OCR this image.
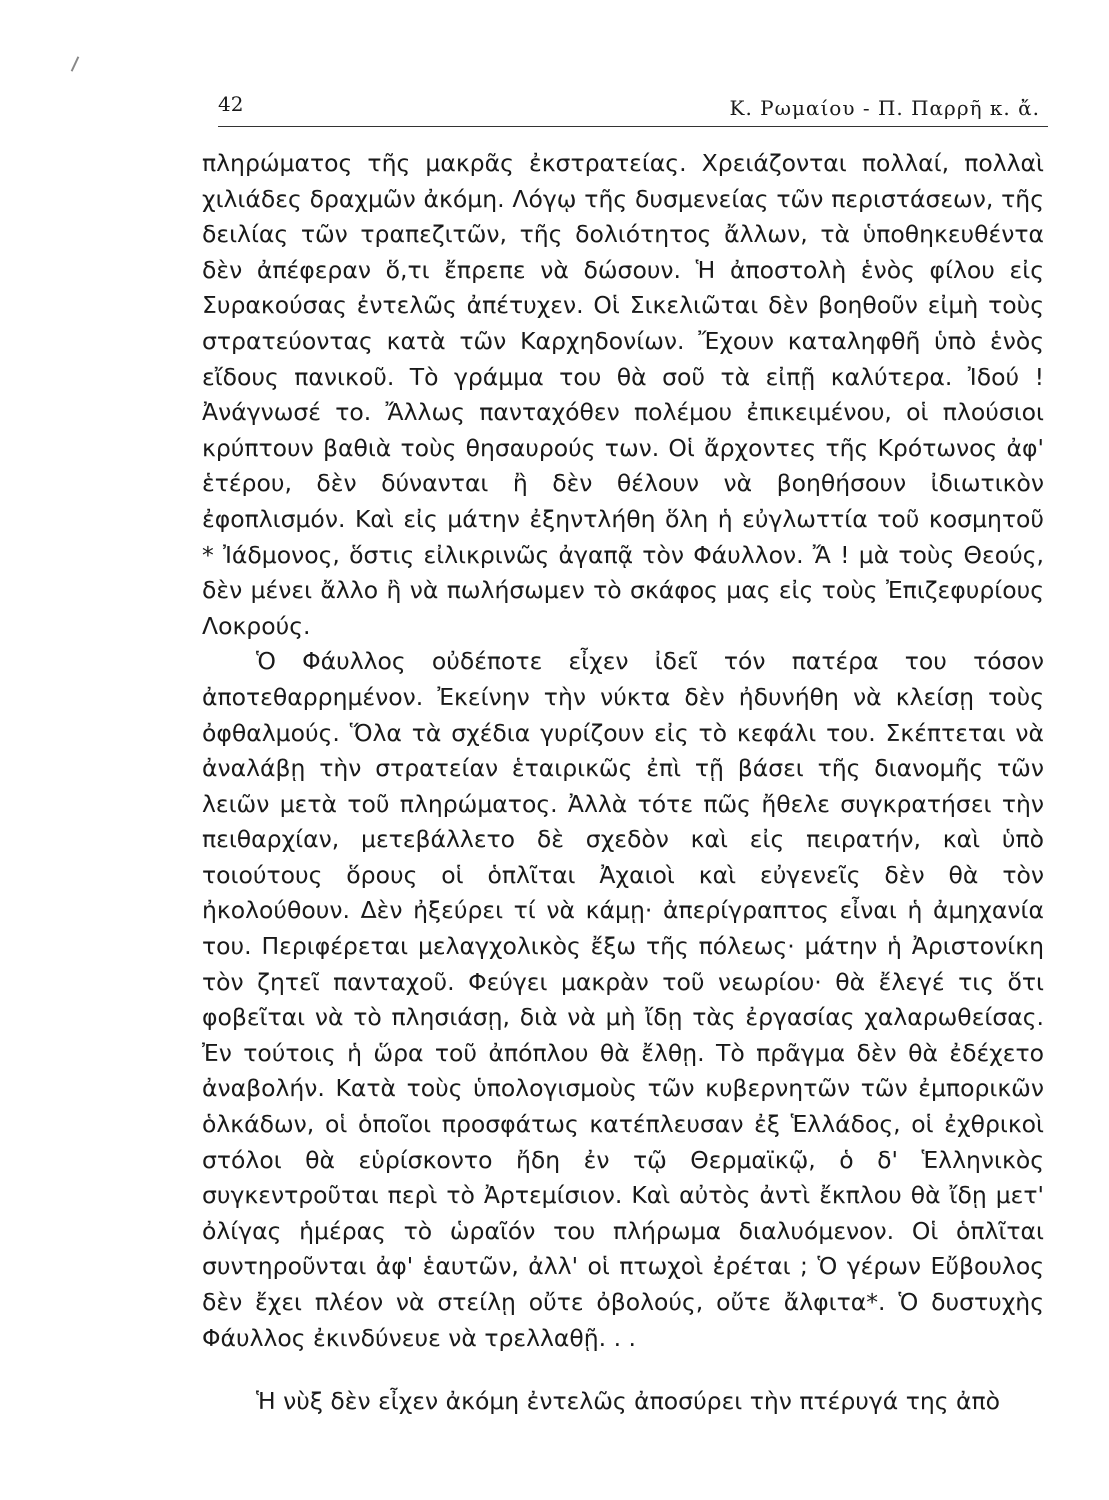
42	Κ. Ρωμαίου - Π. Παρρῆ κ. ἄ.

πληρώματος τῆς μακρᾶς ἐκστρατείας. Χρειάζονται πολλαί, πολλαὶ χιλιάδες δραχμῶν ἀκόμη. Λόγῳ τῆς δυσμενείας τῶν περιστάσεων, τῆς δειλίας τῶν τραπεζιτῶν, τῆς δολιότητος ἄλλων, τὰ ὑποθηκευθέντα δὲν ἀπέφεραν ὅ,τι ἔπρεπε νὰ δώσουν. Ἡ ἀποστολὴ ἑνὸς φίλου εἰς Συρακούσας ἐντελῶς ἀπέτυχεν. Οἱ Σικελιῶται δὲν βοηθοῦν εἰμὴ τοὺς στρατεύοντας κατὰ τῶν Καρχηδονίων. Ἔχουν καταληφθῆ ὑπὸ ἑνὸς εἴδους πανικοῦ. Τὸ γράμμα του θὰ σοῦ τὰ εἰπῇ καλύτερα. Ἰδού ! Ἀνάγνωσέ το. Ἄλλως πανταχόθεν πολέμου ἐπικειμένου, οἱ πλούσιοι κρύπτουν βαθιὰ τοὺς θησαυρούς των. Οἱ ἄρχοντες τῆς Κρότωνος ἀφ' ἑτέρου, δὲν δύνανται ἢ δὲν θέλουν νὰ βοηθήσουν ἰδιωτικὸν ἐφοπλισμόν. Καὶ εἰς μάτην ἐξηντλήθη ὅλη ἡ εὐγλωττία τοῦ κοσμητοῦ * Ἰάδμονος, ὅστις εἰλικρινῶς ἀγαπᾷ τὸν Φάυλλον. Ἄ ! μὰ τοὺς Θεούς, δὲν μένει ἄλλο ἢ νὰ πωλήσωμεν τὸ σκάφος μας εἰς τοὺς Ἐπιζεφυρίους Λοκρούς.

Ὁ Φάυλλος οὐδέποτε εἶχεν ἰδεῖ τόν πατέρα του τόσον ἀποτεθαρρημένον. Ἐκείνην τὴν νύκτα δὲν ἠδυνήθη νὰ κλείσῃ τοὺς ὀφθαλμούς. Ὅλα τὰ σχέδια γυρίζουν εἰς τὸ κεφάλι του. Σκέπτεται νὰ ἀναλάβῃ τὴν στρατείαν ἑταιρικῶς ἐπὶ τῇ βάσει τῆς διανομῆς τῶν λειῶν μετὰ τοῦ πληρώματος. Ἀλλὰ τότε πῶς ἤθελε συγκρατήσει τὴν πειθαρχίαν, μετεβάλλετο δὲ σχεδὸν καὶ εἰς πειρατήν, καὶ ὑπὸ τοιούτους ὅρους οἱ ὁπλῖται Ἀχαιοὶ καὶ εὐγενεῖς δὲν θὰ τὸν ἠκολούθουν. Δὲν ἠξεύρει τί νὰ κάμῃ· ἀπερίγραπτος εἶναι ἡ ἀμηχανία του. Περιφέρεται μελαγχολικὸς ἔξω τῆς πόλεως· μάτην ἡ Ἀριστονίκη τὸν ζητεῖ πανταχοῦ. Φεύγει μακρὰν τοῦ νεωρίου· θὰ ἔλεγέ τις ὅτι φοβεῖται νὰ τὸ πλησιάσῃ, διὰ νὰ μὴ ἴδῃ τὰς ἐργασίας χαλαρωθείσας. Ἐν τούτοις ἡ ὥρα τοῦ ἀπόπλου θὰ ἔλθῃ. Τὸ πρᾶγμα δὲν θὰ ἐδέχετο ἀναβολήν. Κατὰ τοὺς ὑπολογισμοὺς τῶν κυβερνητῶν τῶν ἐμπορικῶν ὁλκάδων, οἱ ὁποῖοι προσφάτως κατέπλευσαν ἐξ Ἑλλάδος, οἱ ἐχθρικοὶ στόλοι θὰ εὑρίσκοντο ἤδη ἐν τῷ Θερμαϊκῷ, ὁ δ' Ἑλληνικὸς συγκεντροῦται περὶ τὸ Ἀρτεμίσιον. Καὶ αὐτὸς ἀντὶ ἔκπλου θὰ ἴδῃ μετ' ὀλίγας ἡμέρας τὸ ὡραῖόν του πλήρωμα διαλυόμενον. Οἱ ὁπλῖται συντηροῦνται ἀφ' ἑαυτῶν, ἀλλ' οἱ πτωχοὶ ἐρέται ; Ὁ γέρων Εὔβουλος δὲν ἔχει πλέον νὰ στείλῃ οὔτε ὀβολούς, οὔτε ἄλφιτα*. Ὁ δυστυχὴς Φάυλλος ἐκινδύνευε νὰ τρελλαθῇ. . .

Ἡ νὺξ δὲν εἶχεν ἀκόμη ἐντελῶς ἀποσύρει τὴν πτέρυγά της ἀπὸ
